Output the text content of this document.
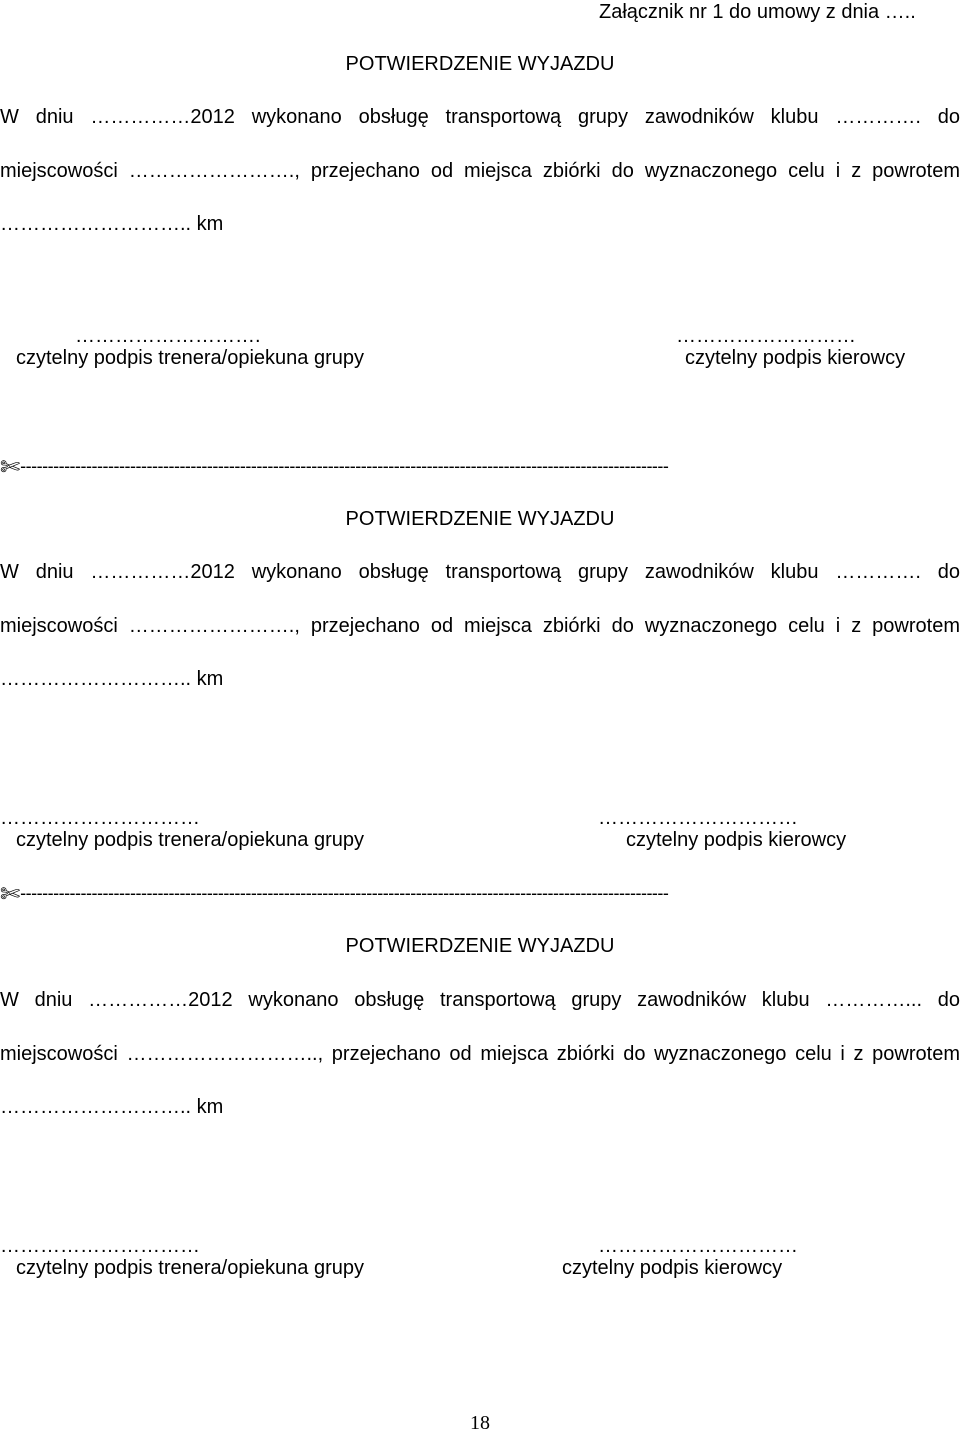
Załącznik nr 1 do umowy z dnia …..
POTWIERDZENIE WYJAZDU
W dniu ……………2012 wykonano obsługę transportową grupy zawodników klubu …………. do
miejscowości ……………………., przejechano od miejsca zbiórki do wyznaczonego celu i z powrotem
……………………….. km
……………………….
czytelny podpis trenera/opiekuna grupy
………………………
czytelny podpis kierowcy
✄----------------------------------------------------------------------------------------------------------------------
POTWIERDZENIE WYJAZDU
W dniu ……………2012 wykonano obsługę transportową grupy zawodników klubu …………. do
miejscowości ……………………., przejechano od miejsca zbiórki do wyznaczonego celu i z powrotem
……………………….. km
…………………………
czytelny podpis trenera/opiekuna grupy
…………………………
czytelny podpis kierowcy
✄----------------------------------------------------------------------------------------------------------------------
POTWIERDZENIE WYJAZDU
W dniu ……………2012 wykonano obsługę transportową grupy zawodników klubu …………... do
miejscowości ……………………….., przejechano od miejsca zbiórki do wyznaczonego celu i z powrotem
……………………….. km
…………………………
czytelny podpis trenera/opiekuna grupy
…………………………
czytelny podpis kierowcy
18
